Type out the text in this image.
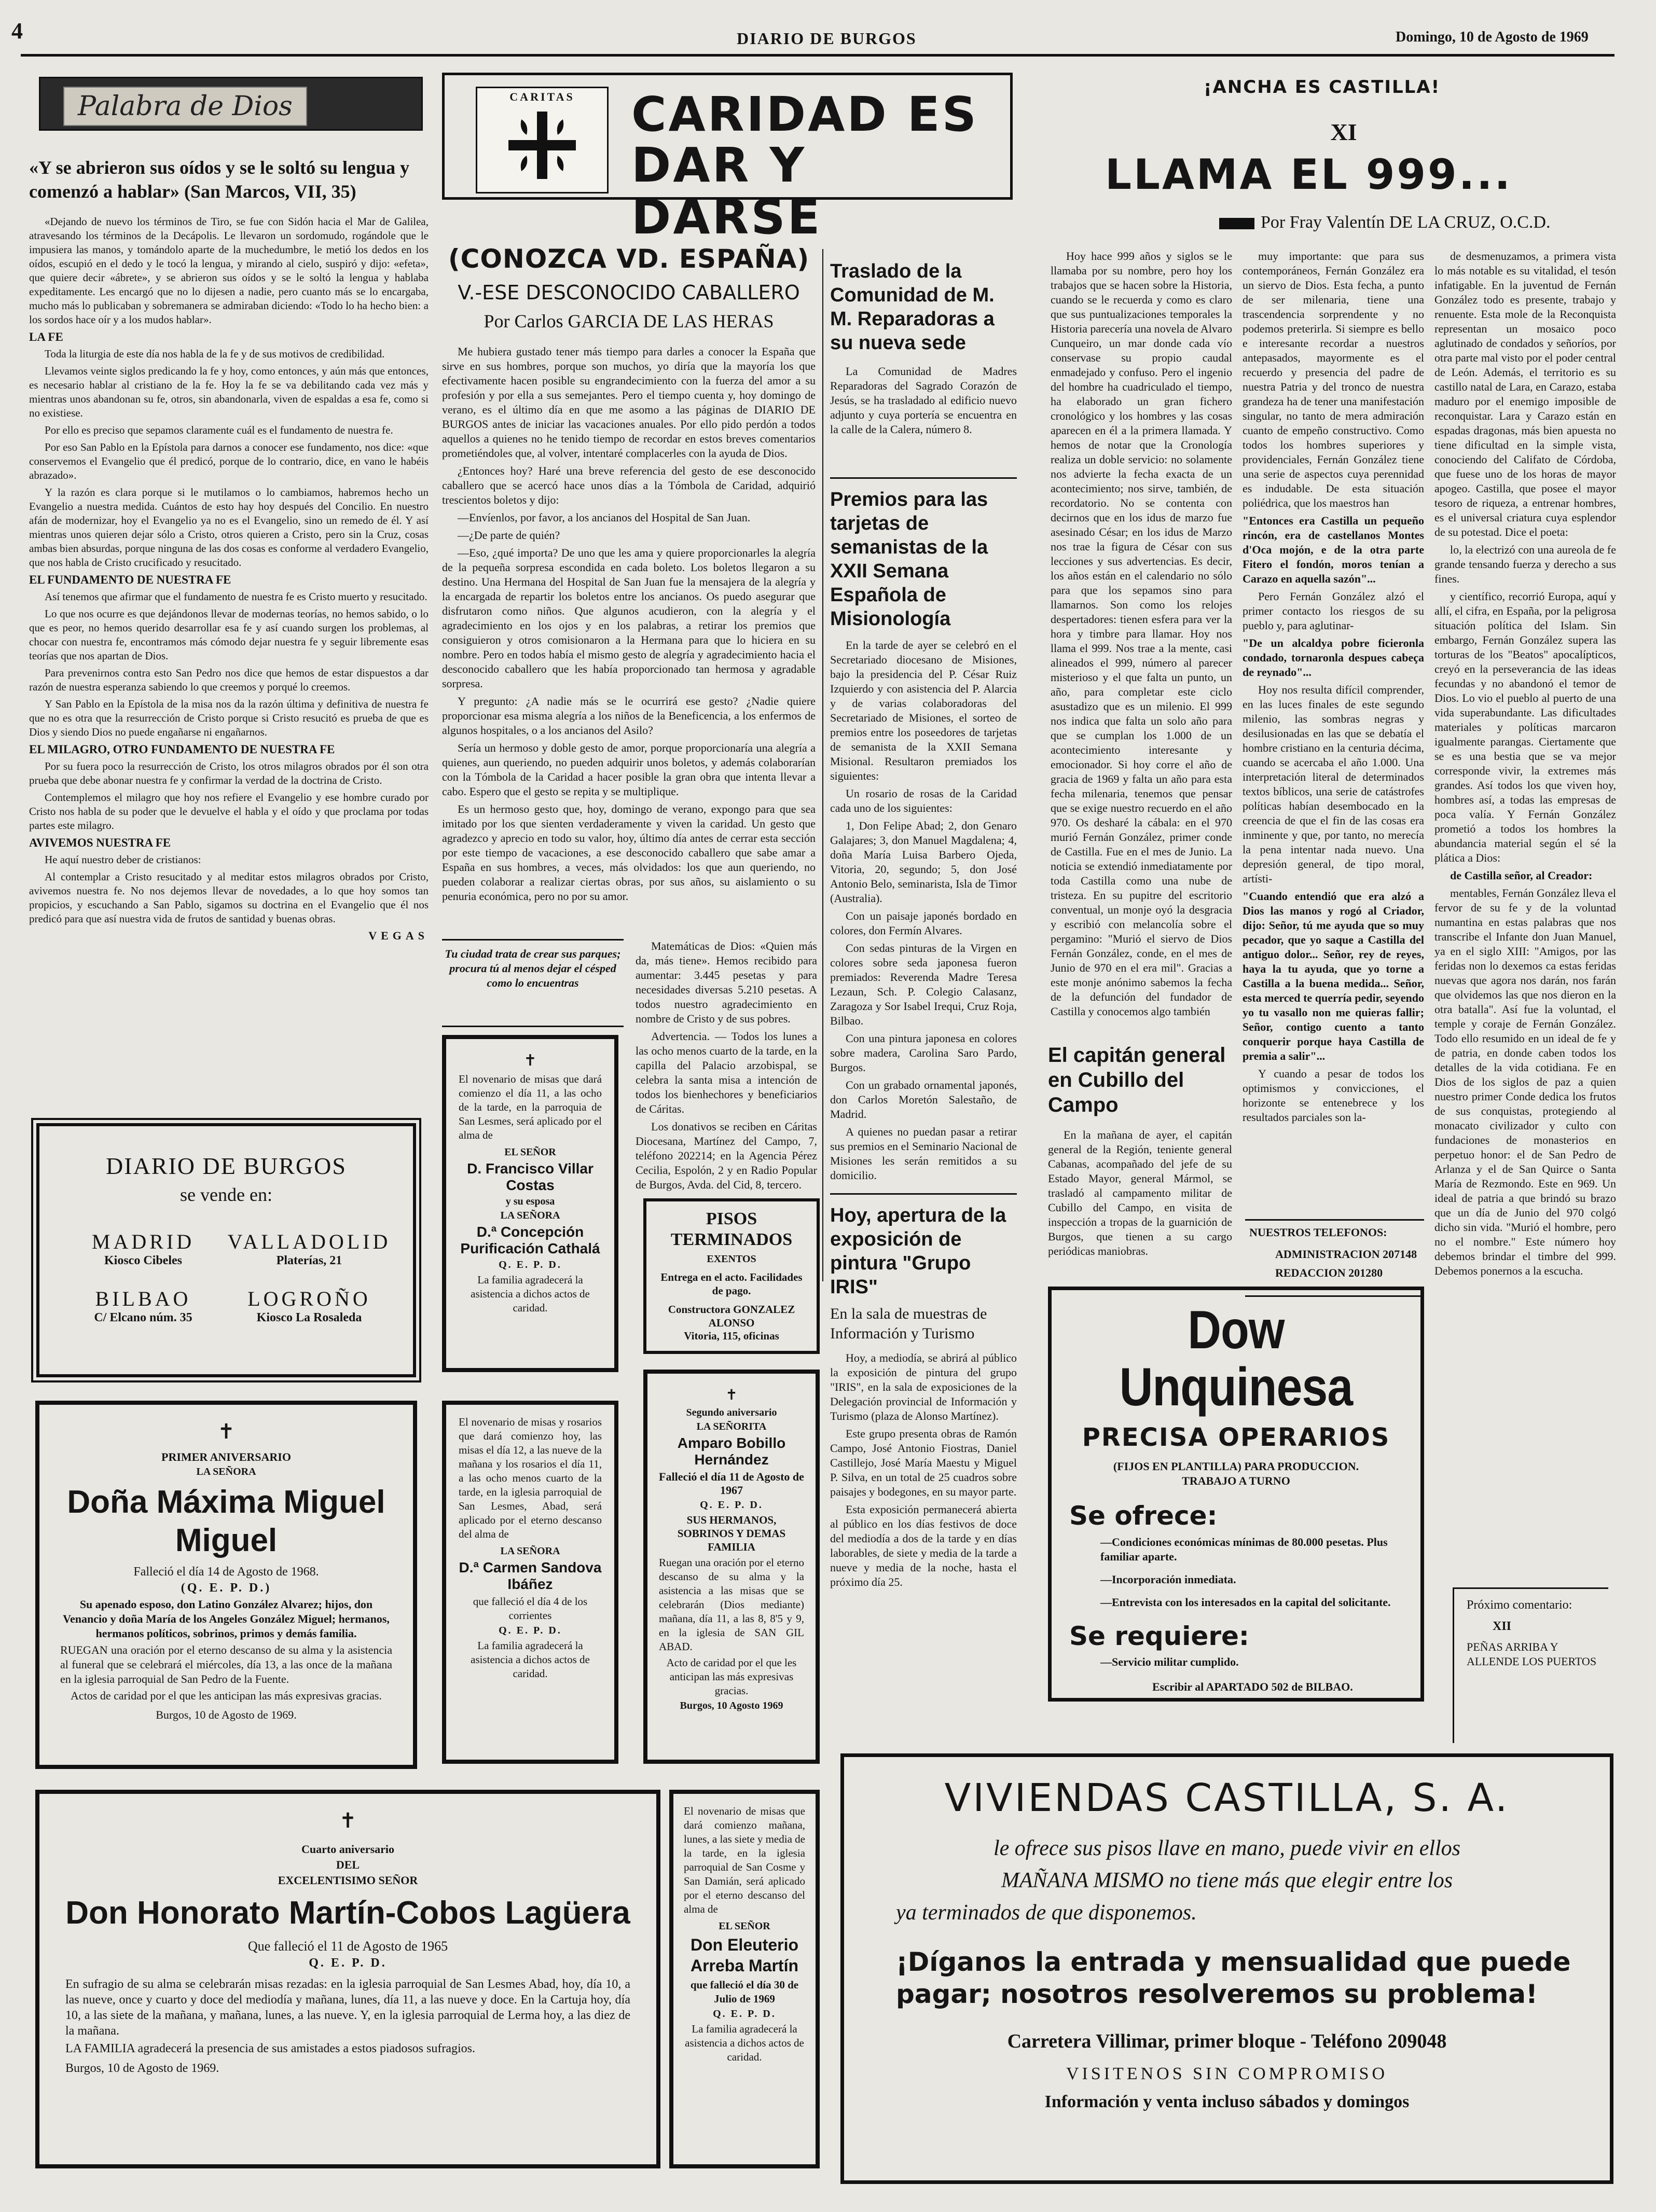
4	DIARIO DE BURGOS	Domingo, 10 de Agosto de 1969
Palabra de Dios
«Y se abrieron sus oídos y se le soltó su lengua y comenzó a hablar» (San Marcos, VII, 35)

«Dejando de nuevo los términos de Tiro, se fue con Sidón hacia el Mar de Galilea, atravesando los términos de la Decápolis. Le llevaron un sordomudo, rogándole que le impusiera las manos, y tomándolo aparte de la muchedumbre, le metió los dedos en los oídos, escupió en el dedo y le tocó la lengua, y mirando al cielo, suspiró y dijo: «efeta», que quiere decir «ábrete», y se abrieron sus oídos y se le soltó la lengua y hablaba expeditamente. Les encargó que no lo dijesen a nadie, pero cuanto más se lo encargaba, mucho más lo publicaban y sobremanera se admiraban diciendo: «Todo lo ha hecho bien: a los sordos hace oír y a los mudos hablar».

LA FE

Toda la liturgia de este día nos habla de la fe y de sus motivos de credibilidad.

Llevamos veinte siglos predicando la fe y hoy, como entonces, y aún más que entonces, es necesario hablar al cristiano de la fe. Hoy la fe se va debilitando cada vez más y mientras unos abandonan su fe, otros, sin abandonarla, viven de espaldas a esa fe, como si no existiese.

Por ello es preciso que sepamos claramente cuál es el fundamento de nuestra fe.

Por eso San Pablo en la Epístola para darnos a conocer ese fundamento, nos dice: «que conservemos el Evangelio que él predicó, porque de lo contrario, dice, en vano le habéis abrazado».

Y la razón es clara porque si le mutilamos o lo cambiamos, habremos hecho un Evangelio a nuestra medida. Cuántos de esto hay hoy después del Concilio. En nuestro afán de modernizar, hoy el Evangelio ya no es el Evangelio, sino un remedo de él. Y así mientras unos quieren dejar sólo a Cristo, otros quieren a Cristo, pero sin la Cruz, cosas ambas bien absurdas, porque ninguna de las dos cosas es conforme al verdadero Evangelio, que nos habla de Cristo crucificado y resucitado.

EL FUNDAMENTO DE NUESTRA FE

Así tenemos que afirmar que el fundamento de nuestra fe es Cristo muerto y resucitado.

Lo que nos ocurre es que dejándonos llevar de modernas teorías, no hemos sabido, o lo que es peor, no hemos querido desarrollar esa fe y así cuando surgen los problemas, al chocar con nuestra fe, encontramos más cómodo dejar nuestra fe y seguir libremente esas teorías que nos apartan de Dios.

Para prevenirnos contra esto San Pedro nos dice que hemos de estar dispuestos a dar razón de nuestra esperanza sabiendo lo que creemos y porqué lo creemos.

Y San Pablo en la Epístola de la misa nos da la razón última y definitiva de nuestra fe que no es otra que la resurrección de Cristo porque si Cristo resucitó es prueba de que es Dios y siendo Dios no puede engañarse ni engañarnos.

EL MILAGRO, OTRO FUNDAMENTO DE NUESTRA FE

Por su fuera poco la resurrección de Cristo, los otros milagros obrados por él son otra prueba que debe abonar nuestra fe y confirmar la verdad de la doctrina de Cristo.

Contemplemos el milagro que hoy nos refiere el Evangelio y ese hombre curado por Cristo nos habla de su poder que le devuelve el habla y el oído y que proclama por todas partes este milagro.

AVIVEMOS NUESTRA FE

He aquí nuestro deber de cristianos:

Al contemplar a Cristo resucitado y al meditar estos milagros obrados por Cristo, avivemos nuestra fe. No nos dejemos llevar de novedades, a lo que hoy somos tan propicios, y escuchando a San Pablo, sigamos su doctrina en el Evangelio que él nos predicó para que así nuestra vida de frutos de santidad y buenas obras.

VEGAS
DIARIO DE BURGOS
se vende en:
MADRID
Kiosco Cibeles
VALLADOLID
Platerías, 21
BILBAO
C/ Elcano núm. 35
LOGROÑO
Kiosco La Rosaleda
✝

PRIMER ANIVERSARIO

LA SEÑORA

Doña Máxima Miguel Miguel

Falleció el día 14 de Agosto de 1968.

(Q. E. P. D.)

Su apenado esposo, don Latino González Alvarez; hijos, don Venancio y doña María de los Angeles González Miguel; hermanos, hermanos políticos, sobrinos, primos y demás familia.

RUEGAN una oración por el eterno descanso de su alma y la asistencia al funeral que se celebrará el miércoles, día 13, a las once de la mañana en la iglesia parroquial de San Pedro de la Fuente.

Actos de caridad por el que les anticipan las más expresivas gracias.

Burgos, 10 de Agosto de 1969.

✝

Cuarto aniversario

DEL

EXCELENTISIMO SEÑOR

Don Honorato Martín-Cobos Lagüera

Que falleció el 11 de Agosto de 1965

Q. E. P. D.

En sufragio de su alma se celebrarán misas rezadas: en la iglesia parroquial de San Lesmes Abad, hoy, día 10, a las nueve, once y cuarto y doce del mediodía y mañana, lunes, día 11, a las nueve y doce. En la Cartuja hoy, día 10, a las siete de la mañana, y mañana, lunes, a las nueve. Y, en la iglesia parroquial de Lerma hoy, a las diez de la mañana.

LA FAMILIA agradecerá la presencia de sus amistades a estos piadosos sufragios.

Burgos, 10 de Agosto de 1969.

CARITAS	CARIDAD ES
DAR Y DARSE
(CONOZCA VD. ESPAÑA)
V.-ESE DESCONOCIDO CABALLERO
Por Carlos GARCIA DE LAS HERAS

Me hubiera gustado tener más tiempo para darles a conocer la España que sirve en sus hombres, porque son muchos, yo diría que la mayoría los que efectivamente hacen posible su engrandecimiento con la fuerza del amor a su profesión y por ella a sus semejantes. Pero el tiempo cuenta y, hoy domingo de verano, es el último día en que me asomo a las páginas de DIARIO DE BURGOS antes de iniciar las vacaciones anuales. Por ello pido perdón a todos aquellos a quienes no he tenido tiempo de recordar en estos breves comentarios prometiéndoles que, al volver, intentaré complacerles con la ayuda de Dios.

¿Entonces hoy? Haré una breve referencia del gesto de ese desconocido caballero que se acercó hace unos días a la Tómbola de Caridad, adquirió trescientos boletos y dijo:

—Envíenlos, por favor, a los ancianos del Hospital de San Juan.

—¿De parte de quién?

—Eso, ¿qué importa? De uno que les ama y quiere proporcionarles la alegría de la pequeña sorpresa escondida en cada boleto. Los boletos llegaron a su destino. Una Hermana del Hospital de San Juan fue la mensajera de la alegría y la encargada de repartir los boletos entre los ancianos. Os puedo asegurar que disfrutaron como niños. Que algunos acudieron, con la alegría y el agradecimiento en los ojos y en los palabras, a retirar los premios que consiguieron y otros comisionaron a la Hermana para que lo hiciera en su nombre. Pero en todos había el mismo gesto de alegría y agradecimiento hacia el desconocido caballero que les había proporcionado tan hermosa y agradable sorpresa.

Y pregunto: ¿A nadie más se le ocurrirá ese gesto? ¿Nadie quiere proporcionar esa misma alegría a los niños de la Beneficencia, a los enfermos de algunos hospitales, o a los ancianos del Asilo?

Sería un hermoso y doble gesto de amor, porque proporcionaría una alegría a quienes, aun queriendo, no pueden adquirir unos boletos, y además colaborarían con la Tómbola de la Caridad a hacer posible la gran obra que intenta llevar a cabo. Espero que el gesto se repita y se multiplique.

Es un hermoso gesto que, hoy, domingo de verano, expongo para que sea imitado por los que sienten verdaderamente y viven la caridad. Un gesto que agradezco y aprecio en todo su valor, hoy, último día antes de cerrar esta sección por este tiempo de vacaciones, a ese desconocido caballero que sabe amar a España en sus hombres, a veces, más olvidados: los que aun queriendo, no pueden colaborar a realizar ciertas obras, por sus años, su aislamiento o su penuria económica, pero no por su amor.

Tu ciudad trata de crear sus parques; procura tú al menos dejar el césped como lo encuentras

Matemáticas de Dios: «Quien más da, más tiene». Hemos recibido para aumentar: 3.445 pesetas y para necesidades diversas 5.210 pesetas. A todos nuestro agradecimiento en nombre de Cristo y de sus pobres.

Advertencia. — Todos los lunes a las ocho menos cuarto de la tarde, en la capilla del Palacio arzobispal, se celebra la santa misa a intención de todos los bienhechores y beneficiarios de Cáritas.

Los donativos se reciben en Cáritas Diocesana, Martínez del Campo, 7, teléfono 202214; en la Agencia Pérez Cecilia, Espolón, 2 y en Radio Popular de Burgos, Avda. del Cid, 8, tercero.

✝

El novenario de misas que dará comienzo el día 11, a las ocho de la tarde, en la parroquia de San Lesmes, será aplicado por el alma de

EL SEÑOR

D. Francisco Villar Costas

y su esposa

LA SEÑORA

D.ª Concepción Purificación Cathalá

Q. E. P. D.

La familia agradecerá la asistencia a dichos actos de caridad.

El novenario de misas y rosarios que dará comienzo hoy, las misas el día 12, a las nueve de la mañana y los rosarios el día 11, a las ocho menos cuarto de la tarde, en la iglesia parroquial de San Lesmes, Abad, será aplicado por el eterno descanso del alma de

LA SEÑORA

D.ª Carmen Sandova Ibáñez

que falleció el día 4 de los corrientes

Q. E. P. D.

La familia agradecerá la asistencia a dichos actos de caridad.

PISOS TERMINADOS
EXENTOS
Entrega en el acto. Facilidades de pago.
Constructora GONZALEZ ALONSO
Vitoria, 115, oficinas
✝

Segundo aniversario

LA SEÑORITA

Amparo Bobillo Hernández

Falleció el día 11 de Agosto de 1967

Q. E. P. D.

SUS HERMANOS, SOBRINOS Y DEMAS FAMILIA

Ruegan una oración por el eterno descanso de su alma y la asistencia a las misas que se celebrarán (Dios mediante) mañana, día 11, a las 8, 8'5 y 9, en la iglesia de SAN GIL ABAD.

Acto de caridad por el que les anticipan las más expresivas gracias.

Burgos, 10 Agosto 1969

El novenario de misas que dará comienzo mañana, lunes, a las siete y media de la tarde, en la iglesia parroquial de San Cosme y San Damián, será aplicado por el eterno descanso del alma de

EL SEÑOR

Don Eleuterio Arreba Martín

que falleció el día 30 de Julio de 1969

Q. E. P. D.

La familia agradecerá la asistencia a dichos actos de caridad.

Traslado de la Comunidad de M. M. Reparadoras a su nueva sede

La Comunidad de Madres Reparadoras del Sagrado Corazón de Jesús, se ha trasladado al edificio nuevo adjunto y cuya portería se encuentra en la calle de la Calera, número 8.

Premios para las tarjetas de semanistas de la XXII Semana Española de Misionología

En la tarde de ayer se celebró en el Secretariado diocesano de Misiones, bajo la presidencia del P. César Ruiz Izquierdo y con asistencia del P. Alarcia y de varias colaboradoras del Secretariado de Misiones, el sorteo de premios entre los poseedores de tarjetas de semanista de la XXII Semana Misional. Resultaron premiados los siguientes:

Un rosario de rosas de la Caridad cada uno de los siguientes:

1, Don Felipe Abad; 2, don Genaro Galajares; 3, don Manuel Magdalena; 4, doña María Luisa Barbero Ojeda, Vitoria, 20, segundo; 5, don José Antonio Belo, seminarista, Isla de Timor (Australia).

Con un paisaje japonés bordado en colores, don Fermín Alvares.

Con sedas pinturas de la Virgen en colores sobre seda japonesa fueron premiados: Reverenda Madre Teresa Lezaun, Sch. P. Colegio Calasanz, Zaragoza y Sor Isabel Irequi, Cruz Roja, Bilbao.

Con una pintura japonesa en colores sobre madera, Carolina Saro Pardo, Burgos.

Con un grabado ornamental japonés, don Carlos Moretón Salestaño, de Madrid.

A quienes no puedan pasar a retirar sus premios en el Seminario Nacional de Misiones les serán remitidos a su domicilio.

Hoy, apertura de la exposición de pintura "Grupo IRIS"
En la sala de muestras de Información y Turismo

Hoy, a mediodía, se abrirá al público la exposición de pintura del grupo "IRIS", en la sala de exposiciones de la Delegación provincial de Información y Turismo (plaza de Alonso Martínez).

Este grupo presenta obras de Ramón Campo, José Antonio Fiostras, Daniel Castillejo, José María Maestu y Miguel P. Silva, en un total de 25 cuadros sobre paisajes y bodegones, en su mayor parte.

Esta exposición permanecerá abierta al público en los días festivos de doce del mediodía a dos de la tarde y en días laborables, de siete y media de la tarde a nueve y media de la noche, hasta el próximo día 25.

¡ANCHA ES CASTILLA!
XI
LLAMA EL 999...
Por Fray Valentín DE LA CRUZ, O.C.D.

Hoy hace 999 años y siglos se le llamaba por su nombre, pero hoy los trabajos que se hacen sobre la Historia, cuando se le recuerda y como es claro que sus puntualizaciones temporales la Historia parecería una novela de Alvaro Cunqueiro, un mar donde cada vío conservase su propio caudal enmadejado y confuso. Pero el ingenio del hombre ha cuadriculado el tiempo, ha elaborado un gran fichero cronológico y los hombres y las cosas aparecen en él a la primera llamada. Y hemos de notar que la Cronología realiza un doble servicio: no solamente nos advierte la fecha exacta de un acontecimiento; nos sirve, también, de recordatorio. No se contenta con decirnos que en los idus de marzo fue asesinado César; en los idus de Marzo nos trae la figura de César con sus lecciones y sus advertencias. Es decir, los años están en el calendario no sólo para que los sepamos sino para llamarnos. Son como los relojes despertadores: tienen esfera para ver la hora y timbre para llamar. Hoy nos llama el 999. Nos trae a la mente, casi alineados el 999, número al parecer misterioso y el que falta un punto, un año, para completar este ciclo asustadizo que es un milenio. El 999 nos indica que falta un solo año para que se cumplan los 1.000 de un acontecimiento interesante y emocionador. Si hoy corre el año de gracia de 1969 y falta un año para esta fecha milenaria, tenemos que pensar que se exige nuestro recuerdo en el año 970. Os desharé la cábala: en el 970 murió Fernán González, primer conde de Castilla. Fue en el mes de Junio. La noticia se extendió inmediatamente por toda Castilla como una nube de tristeza. En su pupitre del escritorio conventual, un monje oyó la desgracia y escribió con melancolía sobre el pergamino: "Murió el siervo de Dios Fernán González, conde, en el mes de Junio de 970 en el era mil". Gracias a este monje anónimo sabemos la fecha de la defunción del fundador de Castilla y conocemos algo también

muy importante: que para sus contemporáneos, Fernán González era un siervo de Dios. Esta fecha, a punto de ser milenaria, tiene una trascendencia sorprendente y no podemos preterirla. Si siempre es bello e interesante recordar a nuestros antepasados, mayormente es el recuerdo y presencia del padre de nuestra Patria y del tronco de nuestra grandeza ha de tener una manifestación singular, no tanto de mera admiración cuanto de empeño constructivo. Como todos los hombres superiores y providenciales, Fernán González tiene una serie de aspectos cuya perennidad es indudable. De esta situación poliédrica, que los maestros han

"Entonces era Castilla un pequeño rincón, era de castellanos Montes d'Oca mojón, e de la otra parte Fitero el fondón, moros tenían a Carazo en aquella sazón"...

Pero Fernán González alzó el primer contacto los riesgos de su pueblo y, para aglutinar-

"De un alcaldya pobre ficieronla condado, tornaronla despues cabeça de reynado"...

Hoy nos resulta difícil comprender, en las luces finales de este segundo milenio, las sombras negras y desilusionadas en las que se debatía el hombre cristiano en la centuria décima, cuando se acercaba el año 1.000. Una interpretación literal de determinados textos bíblicos, una serie de catástrofes políticas habían desembocado en la creencia de que el fin de las cosas era inminente y que, por tanto, no merecía la pena intentar nada nuevo. Una depresión general, de tipo moral, artísti-

"Cuando entendió que era alzó a Dios las manos y rogó al Criador, dijo: Señor, tú me ayuda que so muy pecador, que yo saque a Castilla del antiguo dolor... Señor, rey de reyes, haya la tu ayuda, que yo torne a Castilla a la buena medida... Señor, esta merced te querría pedir, seyendo yo tu vasallo non me quieras fallir; Señor, contigo cuento a tanto conquerir porque haya Castilla de premia a salir"...

Y cuando a pesar de todos los optimismos y convicciones, el horizonte se entenebrece y los resultados parciales son la-

de desmenuzamos, a primera vista lo más notable es su vitalidad, el tesón infatigable. En la juventud de Fernán González todo es presente, trabajo y renuente. Esta mole de la Reconquista representan un mosaico poco aglutinado de condados y señoríos, por otra parte mal visto por el poder central de León. Además, el territorio es su castillo natal de Lara, en Carazo, estaba maduro por el enemigo imposible de reconquistar. Lara y Carazo están en espadas dragonas, más bien apuesta no tiene dificultad en la simple vista, conociendo del Califato de Córdoba, que fuese uno de los horas de mayor apogeo. Castilla, que posee el mayor tesoro de riqueza, a entrenar hombres, es el universal criatura cuya esplendor de su potestad. Dice el poeta:

lo, la electrizó con una aureola de fe grande tensando fuerza y derecho a sus fines.

y científico, recorrió Europa, aquí y allí, el cifra, en España, por la peligrosa situación política del Islam. Sin embargo, Fernán González supera las torturas de los "Beatos" apocalípticos, creyó en la perseverancia de las ideas fecundas y no abandonó el temor de Dios. Lo vio el pueblo al puerto de una vida superabundante. Las dificultades materiales y políticas marcaron igualmente parangas. Ciertamente que se es una bestia que se va mejor corresponde vivir, la extremes más grandes. Así todos los que viven hoy, hombres así, a todas las empresas de poca valía. Y Fernán González prometió a todos los hombres la abundancia material según el sé la plática a Dios:

de Castilla señor, al Creador:

mentables, Fernán González lleva el fervor de su fe y de la voluntad numantina en estas palabras que nos transcribe el Infante don Juan Manuel, ya en el siglo XIII: "Amigos, por las feridas non lo dexemos ca estas feridas nuevas que agora nos darán, nos farán que olvidemos las que nos dieron en la otra batalla". Así fue la voluntad, el temple y coraje de Fernán González. Todo ello resumido en un ideal de fe y de patria, en donde caben todos los detalles de la vida cotidiana. Fe en Dios de los siglos de paz a quien nuestro primer Conde dedica los frutos de sus conquistas, protegiendo al monacato civilizador y culto con fundaciones de monasterios en perpetuo honor: el de San Pedro de Arlanza y el de San Quirce o Santa María de Rezmondo. Este en 969. Un ideal de patria a que brindó su brazo que un día de Junio del 970 colgó dicho sin vida. "Murió el hombre, pero no el nombre." Este número hoy debemos brindar el timbre del 999. Debemos ponernos a la escucha.

Próximo comentario:
XII
PEÑAS ARRIBA Y ALLENDE LOS PUERTOS
El capitán general en Cubillo del Campo

En la mañana de ayer, el capitán general de la Región, teniente general Cabanas, acompañado del jefe de su Estado Mayor, general Mármol, se trasladó al campamento militar de Cubillo del Campo, en visita de inspección a tropas de la guarnición de Burgos, que tienen a su cargo periódicas maniobras.

NUESTROS TELEFONOS:
ADMINISTRACION 207148
REDACCION 201280
Dow Unquinesa
PRECISA OPERARIOS
(FIJOS EN PLANTILLA) PARA PRODUCCION. TRABAJO A TURNO
Se ofrece:
—Condiciones económicas mínimas de 80.000 pesetas. Plus familiar aparte.
—Incorporación inmediata.
—Entrevista con los interesados en la capital del solicitante.
Se requiere:
—Servicio militar cumplido.
Escribir al APARTADO 502 de BILBAO.
VIVIENDAS CASTILLA, S. A.
le ofrece sus pisos llave en mano, puede vivir en ellos
MAÑANA MISMO no tiene más que elegir entre los
ya terminados de que disponemos.
¡Díganos la entrada y mensualidad que puede pagar; nosotros resolveremos su problema!
Carretera Villimar, primer bloque - Teléfono 209048
VISITENOS SIN COMPROMISO
Información y venta incluso sábados y domingos
